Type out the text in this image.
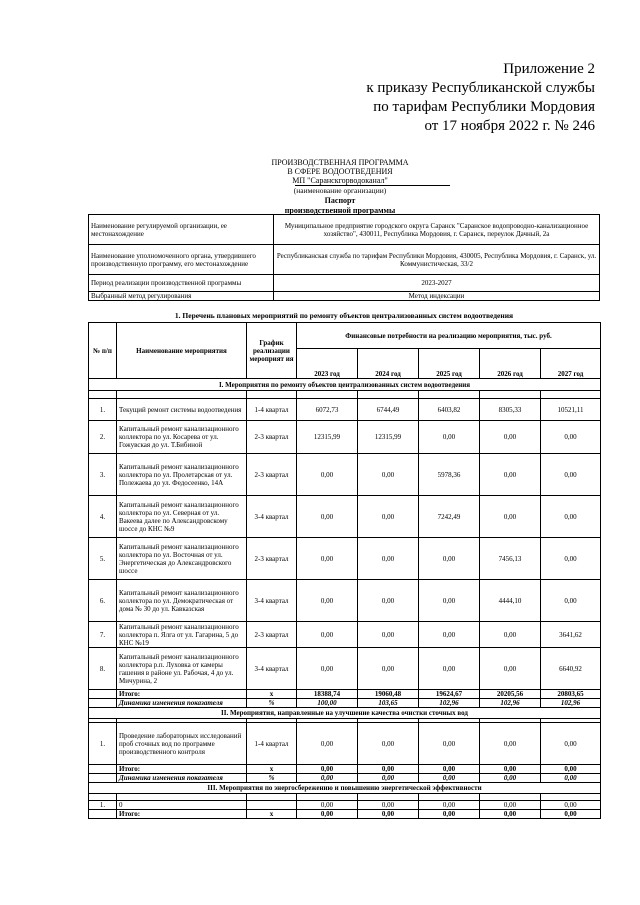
Приложение 2
к приказу Республиканской службы
по тарифам Республики Мордовия
от 17 ноября 2022 г. № 246
ПРОИЗВОДСТВЕННАЯ ПРОГРАММА
В СФЕРЕ ВОДООТВЕДЕНИЯ
МП "Саранскгорводоканал"
(наименование организации)
Паспорт
производственной программы
Наименование регулируемой организации, ее местонахождение	Муниципальное предприятие городского округа Саранск "Саранское водопроводно-канализационное хозяйство", 430011, Республика Мордовия, г. Саранск, переулок Дачный, 2а
Наименование уполномоченного органа, утвердившего производственную программу, его местонахождение	Республиканская служба по тарифам Республики Мордовия, 430005, Республика Мордовия, г. Саранск, ул. Коммунистическая, 33/2
Период реализации производственной программы	2023-2027
Выбранный метод регулирования	Метод индексации
1. Перечень плановых мероприятий по ремонту объектов централизованных систем водоотведения
№ п/п	Наименование мероприятия	График реализации мероприят ия	Финансовые потребности на реализацию мероприятия, тыс. руб.				
			2023 год	2024 год	2025 год	2026 год	2027 год
I. Мероприятия по ремонту объектов централизованных систем водоотведения							

1.	Текущий ремонт системы водоотведения	1-4 квартал	6072,73	6744,49	6403,82	8305,33	10521,11
2.	Капитальный ремонт канализационного коллектора по ул. Косарева от ул. Гожувская до ул. Т.Бибиной	2-3 квартал	12315,99	12315,99	0,00	0,00	0,00
3.	Капитальный ремонт канализационного коллектора по ул. Пролетарская от ул. Полежаева до ул. Федосеенко, 14А	2-3 квартал	0,00	0,00	5978,36	0,00	0,00
4.	Капитальный ремонт канализационного коллектора по ул. Северная от ул. Вакеева далее по Александровскому шоссе до КНС №9	3-4 квартал	0,00	0,00	7242,49	0,00	0,00
5.	Капитальный ремонт канализационного коллектора по ул. Восточная от ул. Энергетическая до Александровского шоссе	2-3 квартал	0,00	0,00	0,00	7456,13	0,00
6.	Капитальный ремонт канализационного коллектора по ул. Демократическая от дома № 30 до ул. Кавказская	3-4 квартал	0,00	0,00	0,00	4444,10	0,00
7.	Капитальный ремонт канализационного коллектора п. Ялга от ул. Гагарина, 5 до КНС №19	2-3 квартал	0,00	0,00	0,00	0,00	3641,62
8.	Капитальный ремонт канализационного коллектора р.п. Луховка от камеры гашения в районе ул. Рабочая, 4 до ул. Мичурина, 2	3-4 квартал	0,00	0,00	0,00	0,00	6640,92
	Итого:	х	18388,74	19060,48	19624,67	20205,56	20803,65
	Динамика изменения показателя	%	100,00	103,65	102,96	102,96	102,96
II. Мероприятия, направленные на улучшение качества очистки сточных вод							

1.	Проведение лабораторных исследований проб сточных вод по программе производственного контроля	1-4 квартал	0,00	0,00	0,00	0,00	0,00
	Итого:	х	0,00	0,00	0,00	0,00	0,00
	Динамика изменения показателя	%	0,00	0,00	0,00	0,00	0,00
III. Мероприятия по энергосбережению и повышению энергетической эффективности							

1.	0		0,00	0,00	0,00	0,00	0,00
	Итого:	х	0,00	0,00	0,00	0,00	0,00
